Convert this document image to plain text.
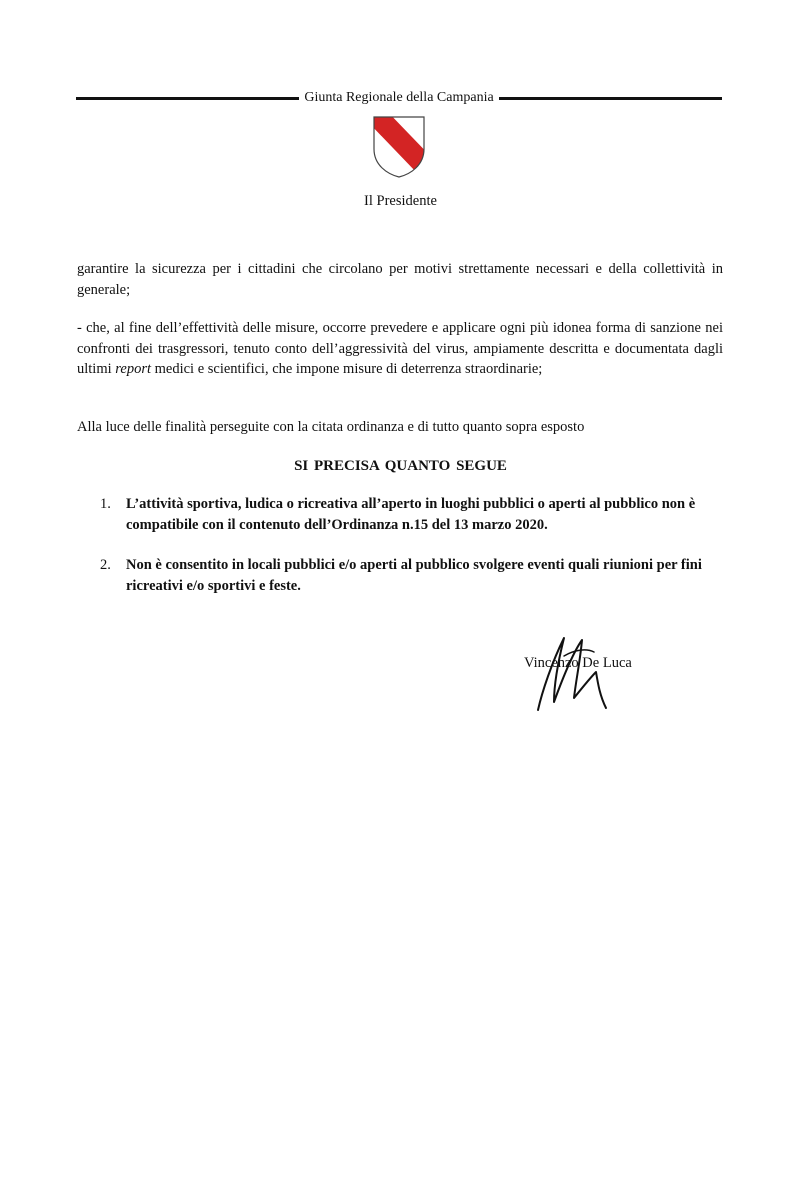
Giunta Regionale della Campania
Il Presidente
garantire la sicurezza per i cittadini che circolano per motivi strettamente necessari e della collettività in generale;
- che, al fine dell’effettività delle misure, occorre prevedere e applicare ogni più idonea forma di sanzione nei confronti dei trasgressori, tenuto conto dell’aggressività del virus, ampiamente descritta e documentata dagli ultimi report medici e scientifici, che impone misure di deterrenza straordinarie;
Alla luce delle finalità perseguite con la citata ordinanza e di tutto quanto sopra esposto
SI PRECISA QUANTO SEGUE
1. L’attività sportiva, ludica o ricreativa all’aperto in luoghi pubblici o aperti al pubblico non è compatibile con il contenuto dell’Ordinanza n.15 del 13 marzo 2020.
2. Non è consentito in locali pubblici e/o aperti al pubblico svolgere eventi quali riunioni per fini ricreativi e/o sportivi e feste.
Vincenzo De Luca
